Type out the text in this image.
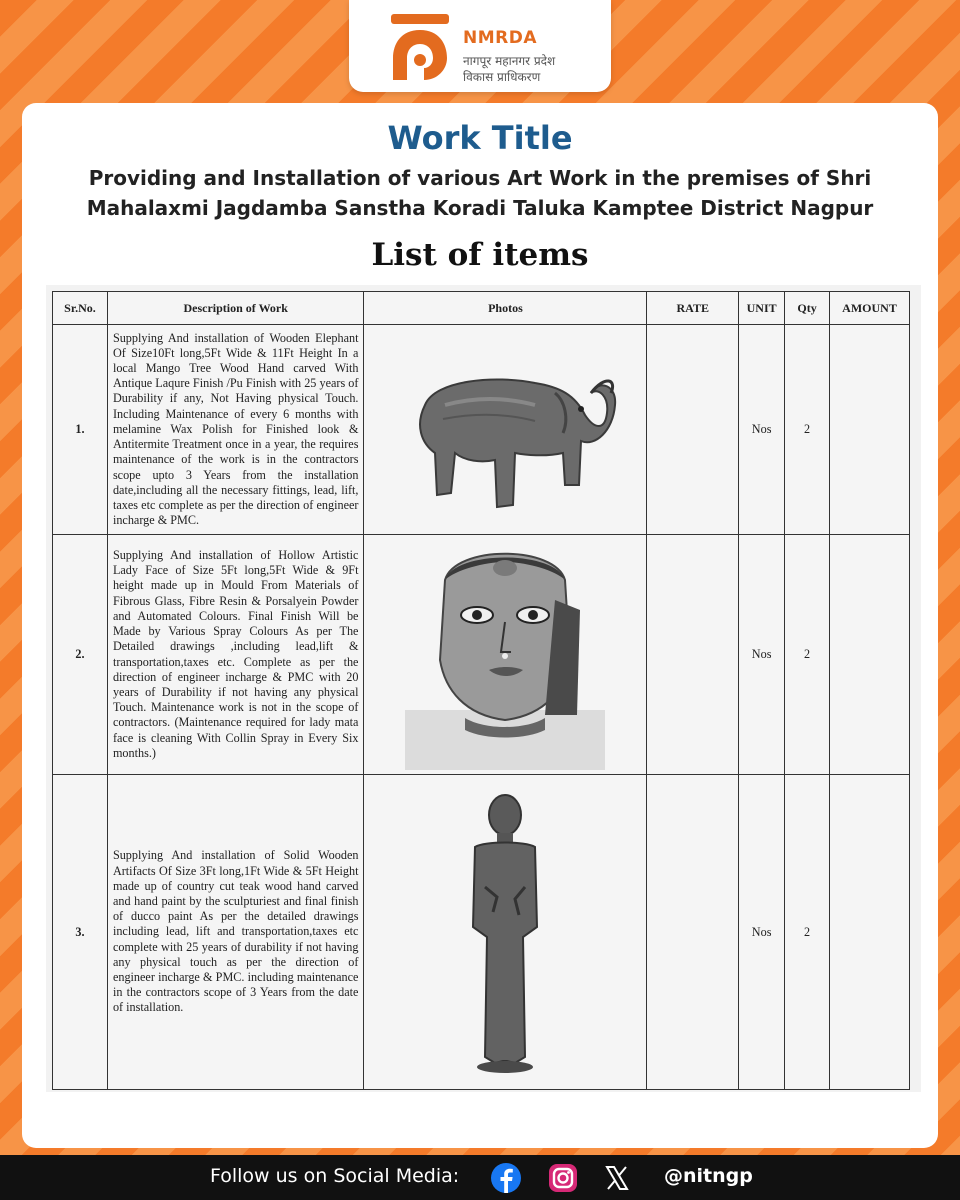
NMRDA
नागपूर महानगर प्रदेश
विकास प्राधिकरण
Work Title
Providing and Installation of various Art Work in the premises of Shri Mahalaxmi Jagdamba Sanstha Koradi Taluka Kamptee District Nagpur
List of items
Sr.No.	Description of Work	Photos	RATE	UNIT	Qty	AMOUNT
1.	Supplying And installation of Wooden Elephant Of Size10Ft long,5Ft Wide & 11Ft Height In a local Mango Tree Wood Hand carved With Antique Laqure Finish /Pu Finish with 25 years of Durability if any, Not Having physical Touch. Including Maintenance of every 6 months with melamine Wax Polish for Finished look & Antitermite Treatment once in a year, the requires maintenance of the work is in the contractors scope upto 3 Years from the installation date,including all the necessary fittings, lead, lift, taxes etc complete as per the direction of engineer incharge & PMC.			Nos	2	
2.	Supplying And installation of Hollow Artistic Lady Face of Size 5Ft long,5Ft Wide & 9Ft height made up in Mould From Materials of Fibrous Glass, Fibre Resin & Porsalyein Powder and Automated Colours. Final Finish Will be Made by Various Spray Colours As per The Detailed drawings ,including lead,lift & transportation,taxes etc. Complete as per the direction of engineer incharge & PMC with 20 years of Durability if not having any physical Touch. Maintenance work is not in the scope of contractors. (Maintenance required for lady mata face is cleaning With Collin Spray in Every Six months.)			Nos	2	
3.	Supplying And installation of Solid Wooden Artifacts Of Size 3Ft long,1Ft Wide & 5Ft Height made up of country cut teak wood hand carved and hand paint by the sculpturiest and final finish of ducco paint As per the detailed drawings including lead, lift and transportation,taxes etc complete with 25 years of durability if not having any physical touch as per the direction of engineer incharge & PMC. including maintenance in the contractors scope of 3 Years from the date of installation.			Nos	2	
Follow us on Social Media:	@nitngp
